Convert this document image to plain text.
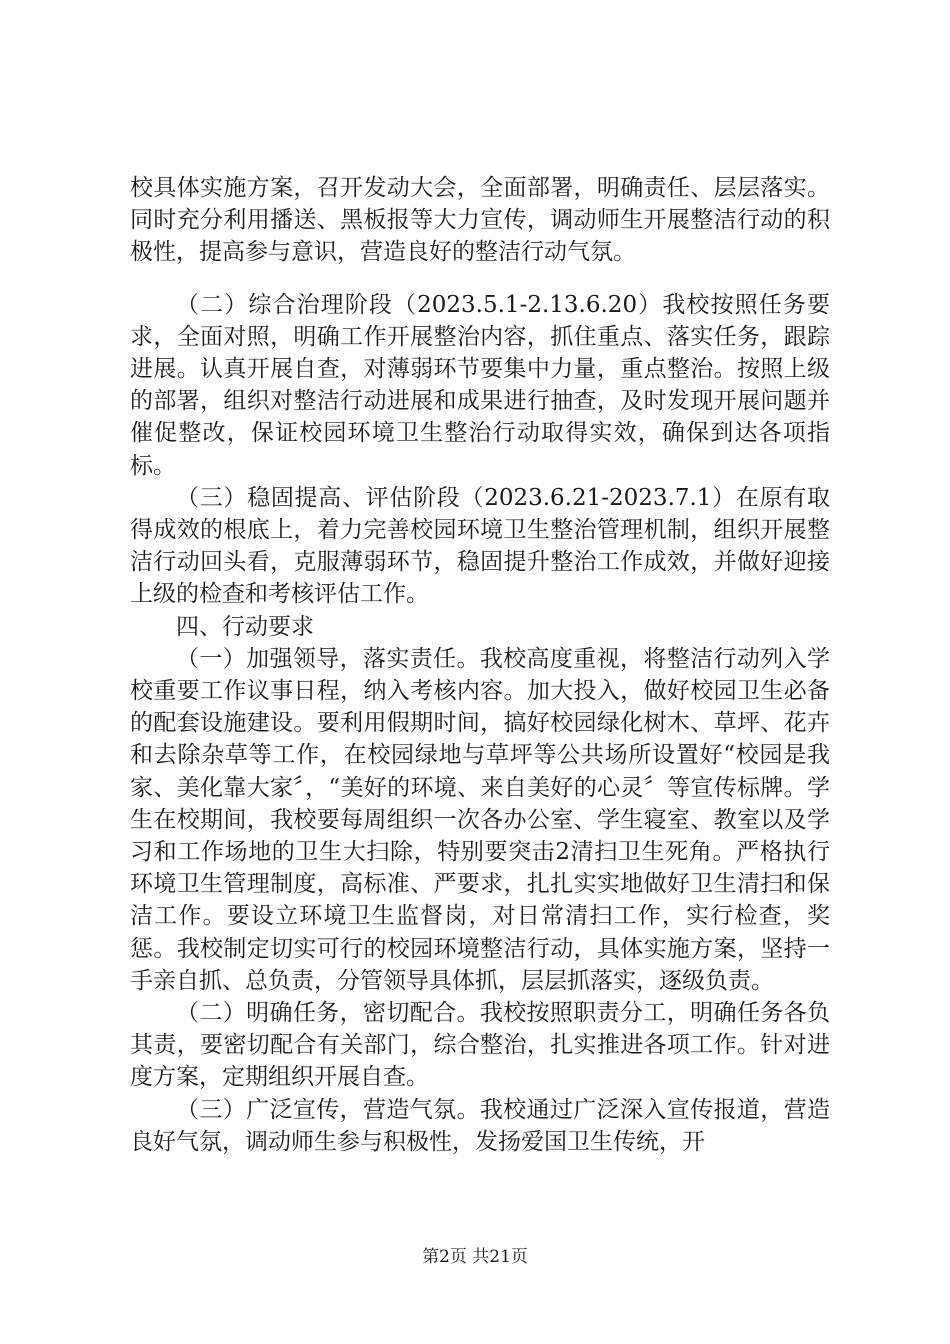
校具体实施方案，召开发动大会，全面部署，明确责任、层层落实。同时充分利用播送、黑板报等大力宣传，调动师生开展整洁行动的积极性，提高参与意识，营造良好的整洁行动气氛。

（二）综合治理阶段（2023.5.1-2.13.6.20）我校按照任务要求，全面对照，明确工作开展整治内容，抓住重点、落实任务，跟踪进展。认真开展自查，对薄弱环节要集中力量，重点整治。按照上级的部署，组织对整洁行动进展和成果进行抽查，及时发现开展问题并催促整改，保证校园环境卫生整治行动取得实效，确保到达各项指标。

（三）稳固提高、评估阶段（2023.6.21-2023.7.1）在原有取得成效的根底上，着力完善校园环境卫生整治管理机制，组织开展整洁行动回头看，克服薄弱环节，稳固提升整治工作成效，并做好迎接上级的检查和考核评估工作。

四、行动要求

（一）加强领导，落实责任。我校高度重视，将整洁行动列入学校重要工作议事日程，纳入考核内容。加大投入，做好校园卫生必备的配套设施建设。要利用假期时间，搞好校园绿化树木、草坪、花卉和去除杂草等工作，在校园绿地与草坪等公共场所设置好“校园是我家、美化靠大家〞，“美好的环境、来自美好的心灵〞等宣传标牌。学生在校期间，我校要每周组织一次各办公室、学生寝室、教室以及学习和工作场地的卫生大扫除，特别要突击2清扫卫生死角。严格执行环境卫生管理制度，高标准、严要求，扎扎实实地做好卫生清扫和保洁工作。要设立环境卫生监督岗，对日常清扫工作，实行检查，奖惩。我校制定切实可行的校园环境整洁行动，具体实施方案，坚持一手亲自抓、总负责，分管领导具体抓，层层抓落实，逐级负责。

（二）明确任务，密切配合。我校按照职责分工，明确任务各负其责，要密切配合有关部门，综合整治，扎实推进各项工作。针对进度方案，定期组织开展自查。

（三）广泛宣传，营造气氛。我校通过广泛深入宣传报道，营造良好气氛，调动师生参与积极性，发扬爱国卫生传统，开

第2页 共21页
